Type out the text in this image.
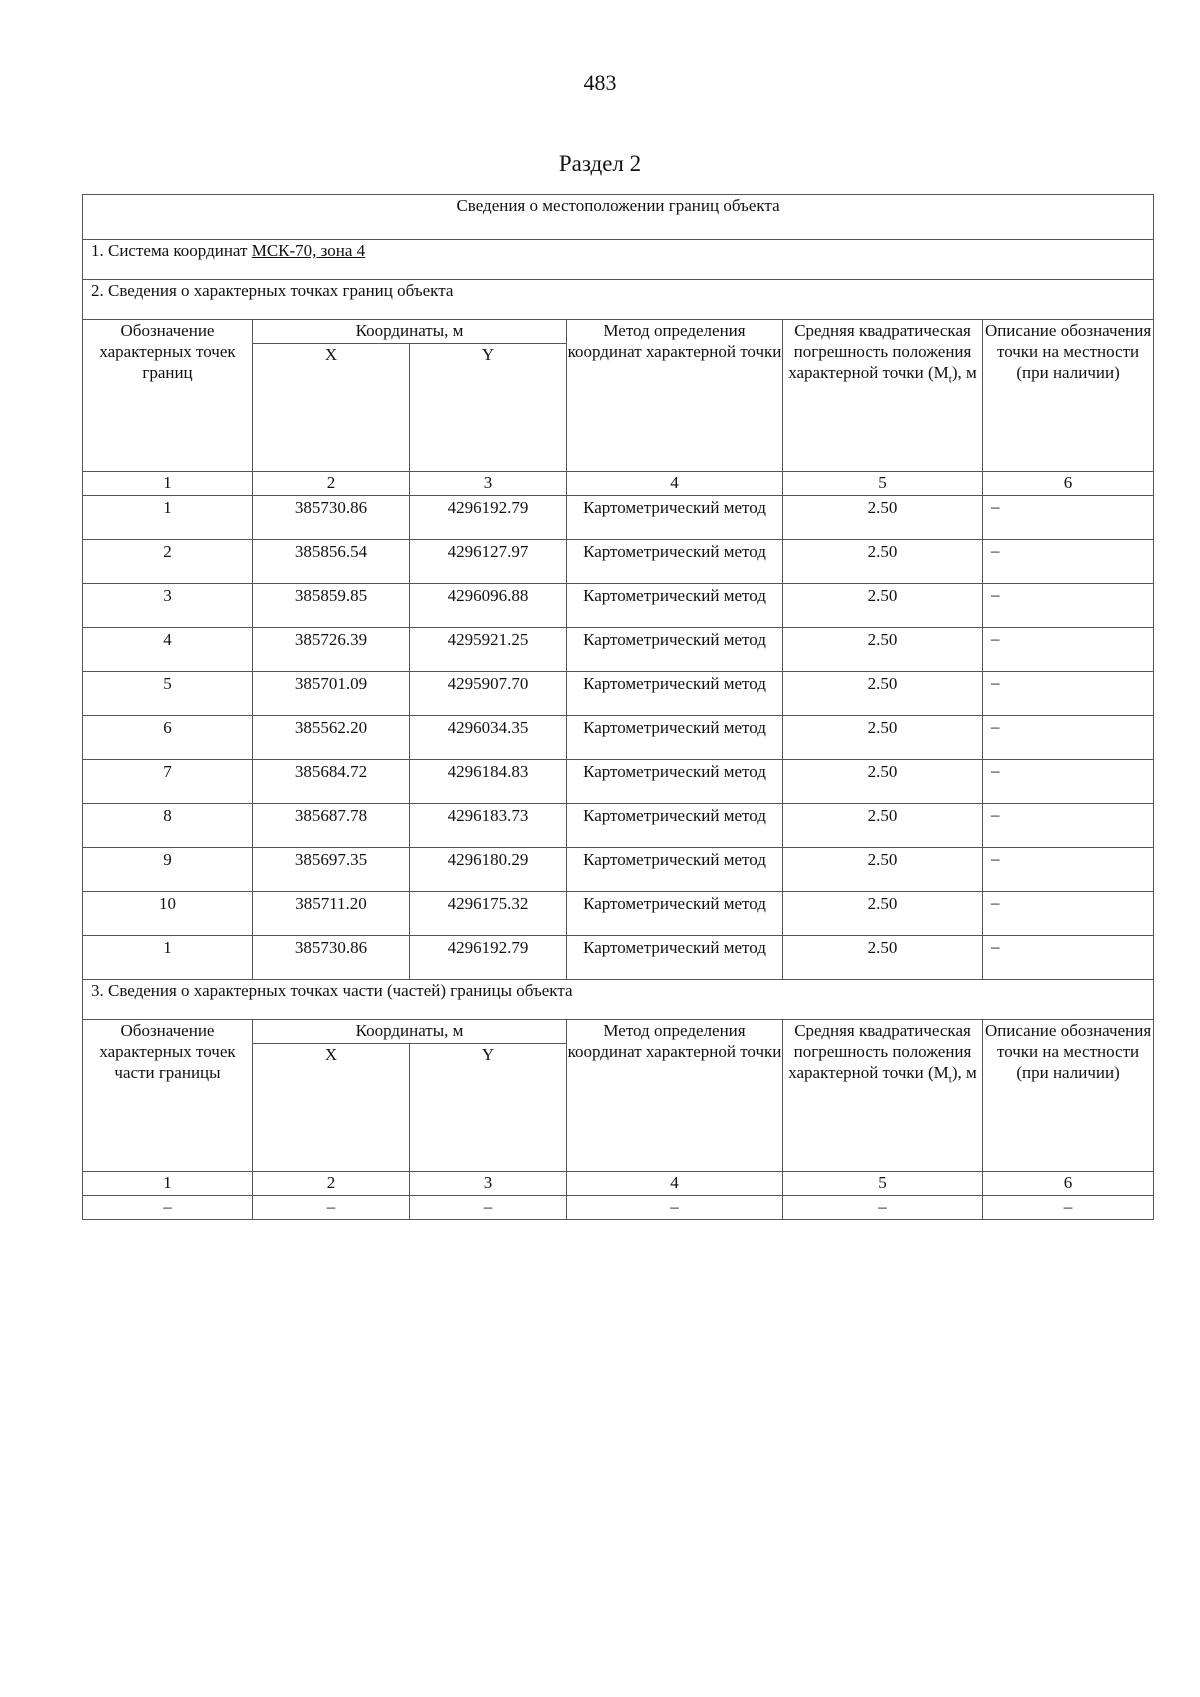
483
Раздел 2
Сведения о местоположении границ объекта					
1. Система координат МСК-70, зона 4					
2. Сведения о характерных точках границ объекта					
Обозначение характерных точек границ	Координаты, м		Метод определения координат характерной точки	Средняя квадратическая погрешность положения характерной точки $(M_t)$, м	Описание обозначения точки на местности (при наличии)
	X	Y			
1	2	3	4	5	6
1	385730.86	4296192.79	Картометрический метод	2.50	–
2	385856.54	4296127.97	Картометрический метод	2.50	–
3	385859.85	4296096.88	Картометрический метод	2.50	–
4	385726.39	4295921.25	Картометрический метод	2.50	–
5	385701.09	4295907.70	Картометрический метод	2.50	–
6	385562.20	4296034.35	Картометрический метод	2.50	–
7	385684.72	4296184.83	Картометрический метод	2.50	–
8	385687.78	4296183.73	Картометрический метод	2.50	–
9	385697.35	4296180.29	Картометрический метод	2.50	–
10	385711.20	4296175.32	Картометрический метод	2.50	–
1	385730.86	4296192.79	Картометрический метод	2.50	–
3. Сведения о характерных точках части (частей) границы объекта					
Обозначение характерных точек части границы	Координаты, м		Метод определения координат характерной точки	Средняя квадратическая погрешность положения характерной точки $(M_t)$, м	Описание обозначения точки на местности (при наличии)
	X	Y			
1	2	3	4	5	6
–	–	–	–	–	–
